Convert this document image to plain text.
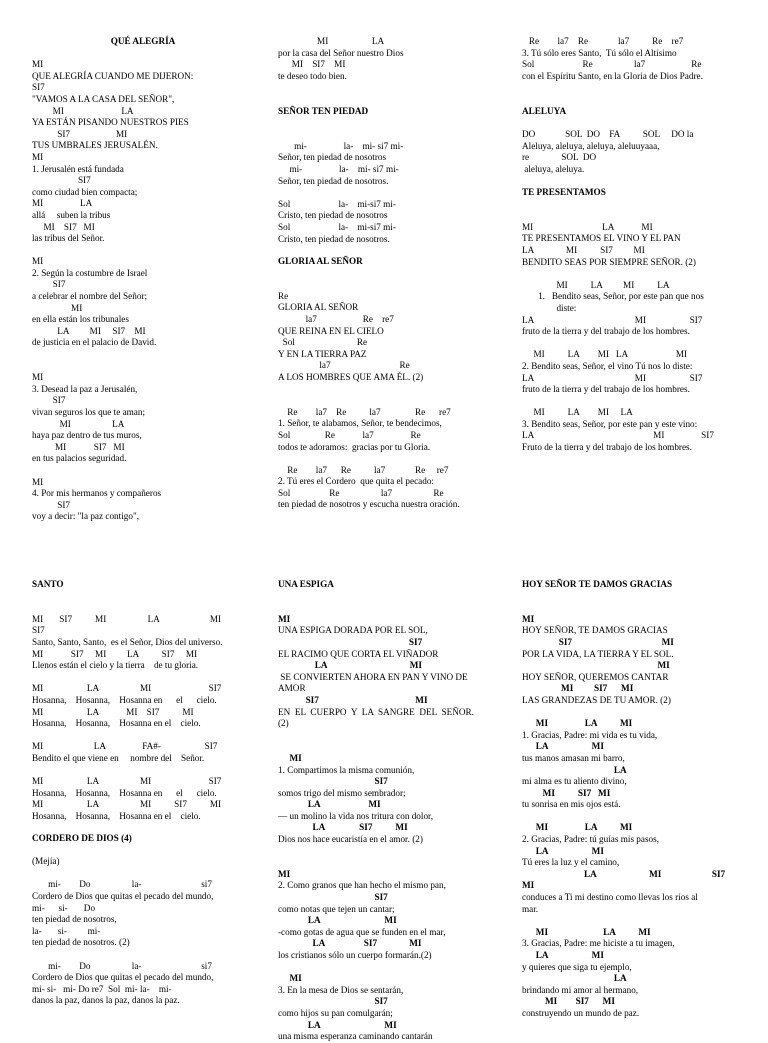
QUÉ ALEGRÍA
MI
QUE ALEGRÍA CUANDO ME DIJERON:
SI7
"VAMOS A LA CASA DEL SEÑOR",
MI                         LA
YA ESTÁN PISANDO NUESTROS PIES
SI7                    MI
TUS UMBRALES JERUSALÉN.
MI
1. Jerusalén está fundada
SI7
como ciudad bien compacta;
MI                LA
allá     suben la tribus
MI    SI7   MI
las tribus del Señor.
MI
2. Según la costumbre de Israel
SI7
a celebrar el nombre del Señor;
MI
en ella están los tribunales
LA         MI     SI7    MI
de justicia en el palacio de David.
MI
3. Desead la paz a Jerusalén,
SI7
vivan seguros los que te aman;
MI                  LA
haya paz dentro de tus muros,
MI            SI7   MI
en tus palacios seguridad.
MI
4. Por mis hermanos y compañeros
SI7
voy a decir: "la paz contigo",
SANTO
MI       SI7          MI                  LA                      MI
SI7
Santo, Santo, Santo,  es el Señor, Dios del universo.
MI            SI7     MI         LA          SI7     MI
Llenos están el cielo y la tierra    de tu gloria.
MI                   LA                  MI                         SI7
Hosanna,    Hosanna,    Hosanna en      el      cielo.
MI                   LA            MI    SI7          MI
Hosanna,    Hosanna,    Hosanna en el    cielo.
MI                      LA                FA#-                   SI7
Bendito el que viene en     nombre del    Señor.
MI                   LA                  MI                         SI7
Hosanna,    Hosanna,    Hosanna en      el      cielo.
MI                   LA                  MI          SI7          MI
Hosanna,    Hosanna,    Hosanna en el    cielo.
CORDERO DE DIOS (4)
(Mejía)
mi-        Do                  la-                          si7
Cordero de Dios que quitas el pecado del mundo,
mi-      si-       Do
ten piedad de nosotros,
la-       si-         mi-
ten piedad de nosotros. (2)
mi-        Do                  la-                          si7
Cordero de Dios que quitas el pecado del mundo,
mi- si-   mi- Do re7  Sol  mi- la-    mi-
danos la paz, danos la paz, danos la paz.
MI                   LA
por la casa del Señor nuestro Dios
MI    SI7    MI
te deseo todo bien.
SEÑOR TEN PIEDAD
mi-                la-    mi- si7 mi-
Señor, ten piedad de nosotros
mi-                la-    mi- si7 mi-
Señor, ten piedad de nosotros.
Sol                     la-    mi-si7 mi-
Cristo, ten piedad de nosotros
Sol                     la-    mi-si7 mi-
Cristo, ten piedad de nosotros.
GLORIA AL SEÑOR
Re
GLORIA AL SEÑOR
la7                    Re    re7
QUE REINA EN EL CIELO
Sol                           Re
Y EN LA TIERRA PAZ
la7                              Re
A LOS HOMBRES QUE AMA ÉL. (2)
Re        la7    Re          la7               Re      re7
1. Señor, te alabamos, Señor, te bendecimos,
Sol               Re            la7                Re
todos te adoramos:  gracias por tu Gloria.
Re        la7      Re          la7             Re     re7
2. Tú eres el Cordero  que quita el pecado:
Sol                 Re                  la7                  Re
ten piedad de nosotros y escucha nuestra oración.
UNA ESPIGA
MI
UNA ESPIGA DORADA POR EL SOL,
SI7
EL RACIMO QUE CORTA EL VIÑADOR
LA                                    MI
SE CONVIERTEN AHORA EN PAN Y VINO DE
AMOR
SI7                                          MI
EN  EL  CUERPO  Y  LA  SANGRE  DEL  SEÑOR.
(2)
MI
1. Compartimos la misma comunión,
SI7
somos trigo del mismo sembrador;
LA                     MI
— un molino la vida nos tritura con dolor,
LA               SI7          MI
Dios nos hace eucaristía en el amor. (2)
MI
2. Como granos que han hecho el mismo pan,
SI7
como notas que tejen un cantar;
LA                            MI
-como gotas de agua que se funden en el mar,
LA                 SI7              MI
los cristianos sólo un cuerpo formarán.(2)
MI
3. En la mesa de Dios se sentarán,
SI7
como hijos su pan comulgarán;
LA                            MI
una misma esperanza caminando cantarán
Re        la7    Re             la7          Re    re7
3. Tú sólo eres Santo,  Tú sólo el Altísimo
Sol                     Re                  la7                    Re
con el Espíritu Santo, en la Gloria de Dios Padre.
ALELUYA
DO             SOL  DO    FA          SOL     DO la
Aleluya, aleluya, aleluya, aleluuyaaa,
re              SOL  DO
aleluya, aleluya.
TE PRESENTAMOS
MI                              LA            MI
TE PRESENTAMOS EL VINO Y EL PAN
LA              MI          SI7         MI
BENDITO SEAS POR SIEMPRE SEÑOR. (2)
MI          LA         MI          LA
1.   Bendito seas, Señor, por este pan que nos
diste:
LA                                            MI                   SI7
fruto de la tierra y del trabajo de los hombres.
MI          LA        MI   LA                     MI
2. Bendito seas, Señor, el vino Tú nos lo diste:
LA                                            MI                   SI7
fruto de la tierra y del trabajo de los hombres.
MI          LA        MI     LA
3. Bendito seas, Señor, por este pan y este vino:
LA                                                    MI                SI7
Fruto de la tierra y del trabajo de los hombres.
HOY SEÑOR TE DAMOS GRACIAS
MI
HOY SEÑOR, TE DAMOS GRACIAS
SI7                                       MI
POR LA VIDA, LA TIERRA Y EL SOL.
MI
HOY SEÑOR, QUEREMOS CANTAR
MI         SI7      MI
LAS GRANDEZAS DE TU AMOR. (2)
MI                LA          MI
1. Gracias, Padre: mi vida es tu vida,
LA                   MI
tus manos amasan mi barro,
LA
mi alma es tu aliento divino,
MI          SI7   MI
tu sonrisa en mis ojos está.
MI                LA          MI
2. Gracias, Padre: tú guías mis pasos,
LA                   MI
Tú eres la luz y el camino,
LA                       MI                      SI7
MI
conduces a Ti mi destino como llevas los ríos al
mar.
MI                        LA          MI
3. Gracias, Padre: me hiciste a tu imagen,
LA                   MI
y quieres que siga tu ejemplo,
LA
brindando mi amor al hermano,
MI        SI7      MI
construyendo un mundo de paz.
